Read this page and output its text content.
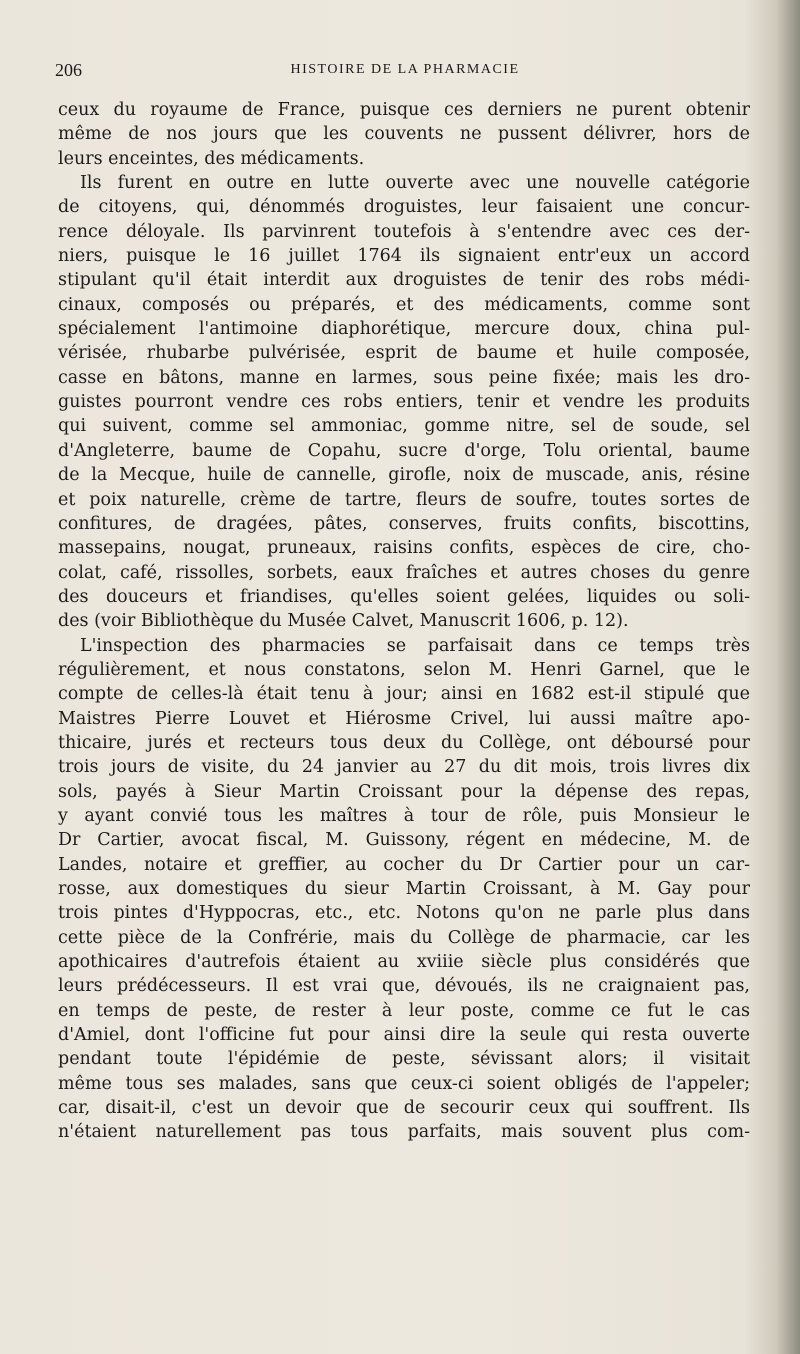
206	HISTOIRE DE LA PHARMACIE
ceux du royaume de France, puisque ces derniers ne purent obtenir
même de nos jours que les couvents ne pussent délivrer, hors de
leurs enceintes, des médicaments.
Ils furent en outre en lutte ouverte avec une nouvelle catégorie
de citoyens, qui, dénommés droguistes, leur faisaient une concur-
rence déloyale. Ils parvinrent toutefois à s'entendre avec ces der-
niers, puisque le 16 juillet 1764 ils signaient entr'eux un accord
stipulant qu'il était interdit aux droguistes de tenir des robs médi-
cinaux, composés ou préparés, et des médicaments, comme sont
spécialement l'antimoine diaphorétique, mercure doux, china pul-
vérisée, rhubarbe pulvérisée, esprit de baume et huile composée,
casse en bâtons, manne en larmes, sous peine fixée; mais les dro-
guistes pourront vendre ces robs entiers, tenir et vendre les produits
qui suivent, comme sel ammoniac, gomme nitre, sel de soude, sel
d'Angleterre, baume de Copahu, sucre d'orge, Tolu oriental, baume
de la Mecque, huile de cannelle, girofle, noix de muscade, anis, résine
et poix naturelle, crème de tartre, fleurs de soufre, toutes sortes de
confitures, de dragées, pâtes, conserves, fruits confits, biscottins,
massepains, nougat, pruneaux, raisins confits, espèces de cire, cho-
colat, café, rissolles, sorbets, eaux fraîches et autres choses du genre
des douceurs et friandises, qu'elles soient gelées, liquides ou soli-
des (voir Bibliothèque du Musée Calvet, Manuscrit 1606, p. 12).
L'inspection des pharmacies se parfaisait dans ce temps très
régulièrement, et nous constatons, selon M. Henri Garnel, que le
compte de celles-là était tenu à jour; ainsi en 1682 est-il stipulé que
Maistres Pierre Louvet et Hiérosme Crivel, lui aussi maître apo-
thicaire, jurés et recteurs tous deux du Collège, ont déboursé pour
trois jours de visite, du 24 janvier au 27 du dit mois, trois livres dix
sols, payés à Sieur Martin Croissant pour la dépense des repas,
y ayant convié tous les maîtres à tour de rôle, puis Monsieur le
Dr Cartier, avocat fiscal, M. Guissony, régent en médecine, M. de
Landes, notaire et greffier, au cocher du Dr Cartier pour un car-
rosse, aux domestiques du sieur Martin Croissant, à M. Gay pour
trois pintes d'Hyppocras, etc., etc. Notons qu'on ne parle plus dans
cette pièce de la Confrérie, mais du Collège de pharmacie, car les
apothicaires d'autrefois étaient au xviiie siècle plus considérés que
leurs prédécesseurs. Il est vrai que, dévoués, ils ne craignaient pas,
en temps de peste, de rester à leur poste, comme ce fut le cas
d'Amiel, dont l'officine fut pour ainsi dire la seule qui resta ouverte
pendant toute l'épidémie de peste, sévissant alors; il visitait
même tous ses malades, sans que ceux-ci soient obligés de l'appeler;
car, disait-il, c'est un devoir que de secourir ceux qui souffrent. Ils
n'étaient naturellement pas tous parfaits, mais souvent plus com-
